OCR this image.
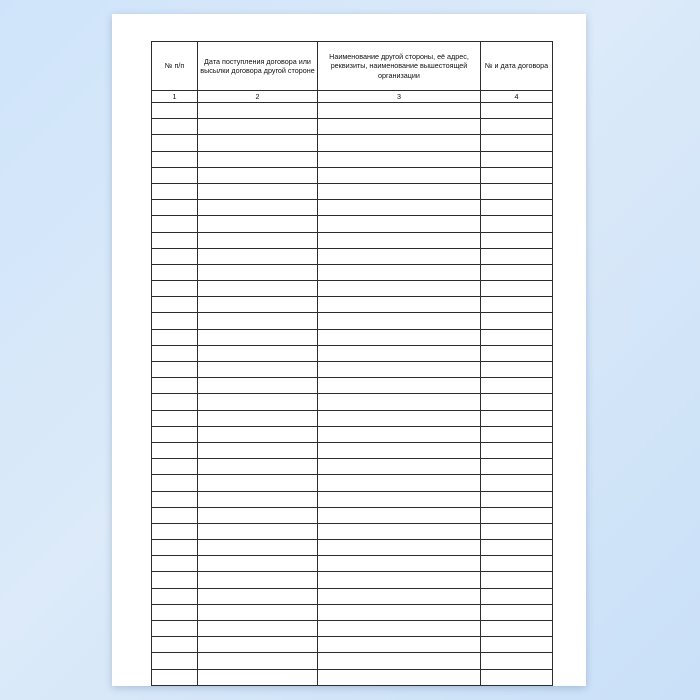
№ п/п	Дата поступления договора или высылки договора другой стороне	Наименование другой стороны, её адрес, реквизиты, наименование вышестоящей организации	№ и дата договора

1	2	3	4
